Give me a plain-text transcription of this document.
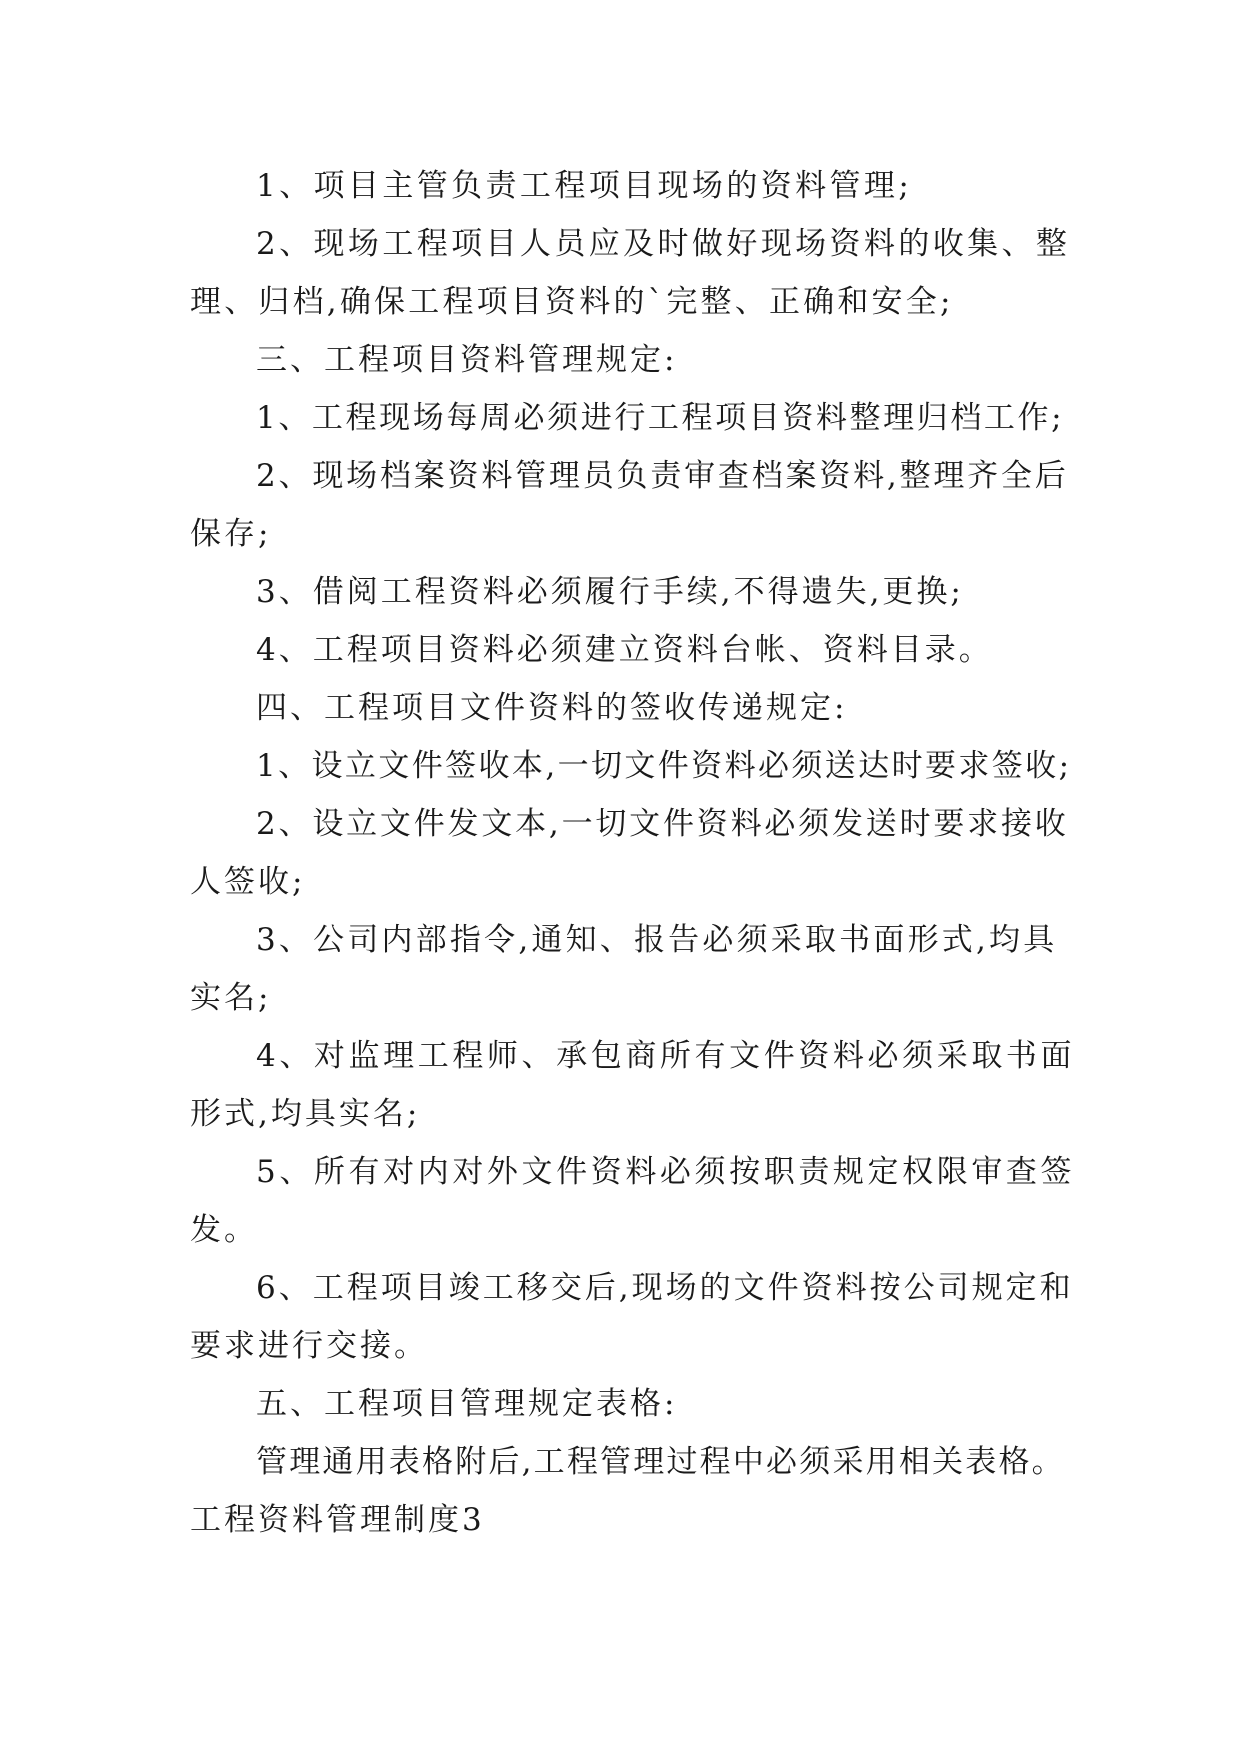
1、项目主管负责工程项目现场的资料管理;
2、现场工程项目人员应及时做好现场资料的收集、整
理、归档,确保工程项目资料的`完整、正确和安全;
三、工程项目资料管理规定:
1、工程现场每周必须进行工程项目资料整理归档工作;
2、现场档案资料管理员负责审查档案资料,整理齐全后
保存;
3、借阅工程资料必须履行手续,不得遗失,更换;
4、工程项目资料必须建立资料台帐、资料目录。
四、工程项目文件资料的签收传递规定:
1、设立文件签收本,一切文件资料必须送达时要求签收;
2、设立文件发文本,一切文件资料必须发送时要求接收
人签收;
3、公司内部指令,通知、报告必须采取书面形式,均具
实名;
4、对监理工程师、承包商所有文件资料必须采取书面
形式,均具实名;
5、所有对内对外文件资料必须按职责规定权限审查签
发。
6、工程项目竣工移交后,现场的文件资料按公司规定和
要求进行交接。
五、工程项目管理规定表格:
管理通用表格附后,工程管理过程中必须采用相关表格。
工程资料管理制度3
